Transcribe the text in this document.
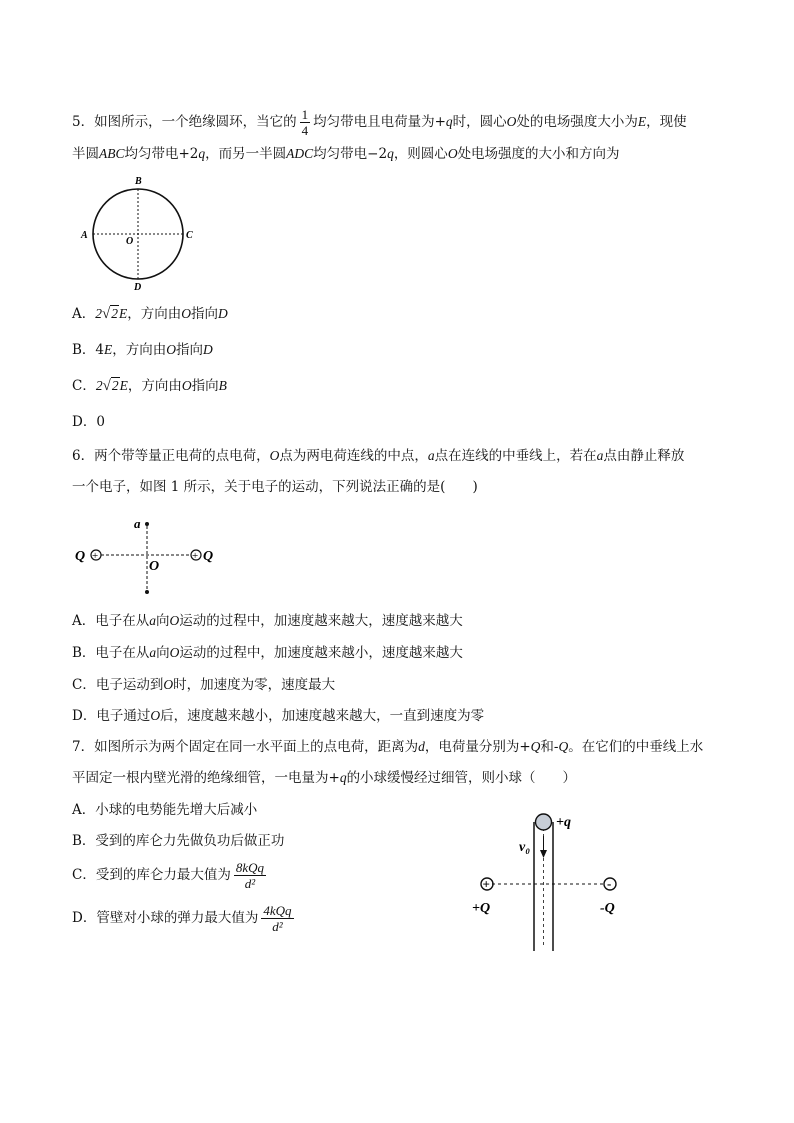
5．如图所示，一个绝缘圆环，当它的 $\frac{1}{4}$ 均匀带电且电荷量为+q时，圆心O处的电场强度大小为E，现使
半圆ABC均匀带电+2q，而另一半圆ADC均匀带电−2q，则圆心O处电场强度的大小和方向为
B
D
A	C
O
A．2√2E，方向由O指向D
B．4E，方向由O指向D
C．2√2E，方向由O指向B
D．0
6．两个带等量正电荷的点电荷，O点为两电荷连线的中点，a点在连线的中垂线上，若在a点由静止释放
一个电子，如图 1 所示，关于电子的运动，下列说法正确的是(　　)
a
Q +	+ Q
O
A．电子在从a向O运动的过程中，加速度越来越大，速度越来越大
B．电子在从a向O运动的过程中，加速度越来越小，速度越来越大
C．电子运动到O时，加速度为零，速度最大
D．电子通过O后，速度越来越小，加速度越来越大，一直到速度为零
7．如图所示为两个固定在同一水平面上的点电荷，距离为d，电荷量分别为+Q和-Q。在它们的中垂线上水
平固定一根内壁光滑的绝缘细管，一电量为+q的小球缓慢经过细管，则小球（　　）
A．小球的电势能先增大后减小
B．受到的库仑力先做负功后做正功
C．受到的库仑力最大值为 $\frac{\text{8kQq}}{\text{d²}}$
D．管壁对小球的弹力最大值为 $\frac{\text{4kQq}}{\text{d²}}$
+q
v₀
+	-
+Q	-Q
